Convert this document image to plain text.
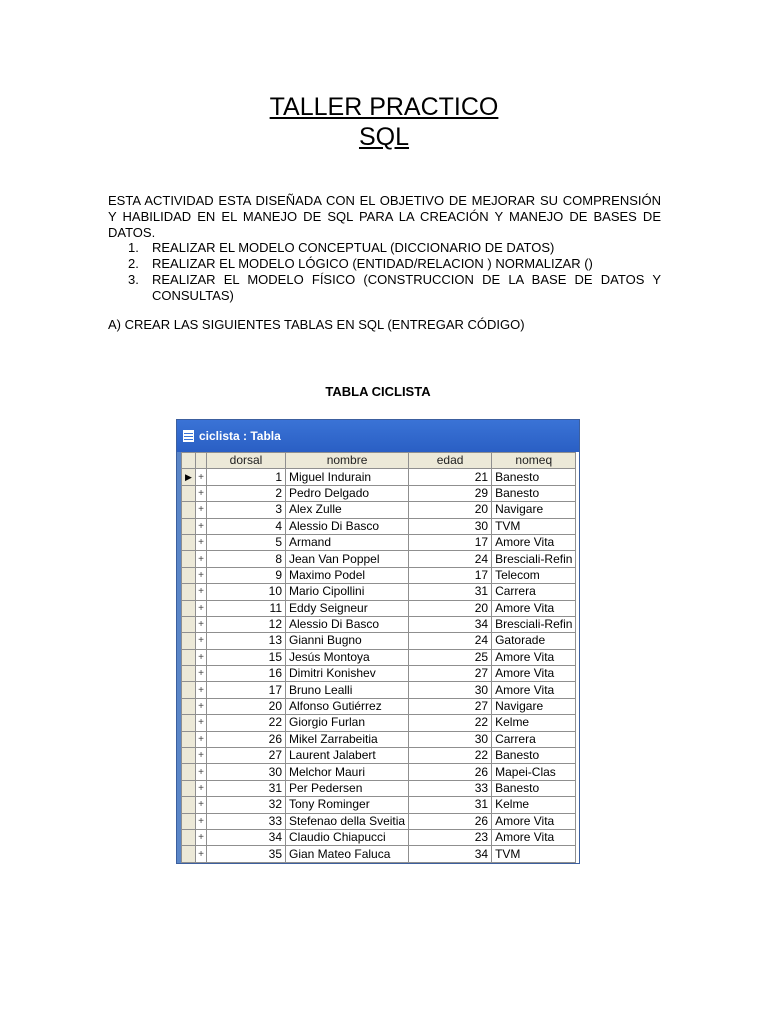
TALLER PRACTICO
SQL
ESTA ACTIVIDAD ESTA DISEÑADA CON EL OBJETIVO DE MEJORAR SU COMPRENSIÓN Y HABILIDAD EN EL MANEJO DE SQL PARA LA CREACIÓN Y MANEJO DE BASES DE DATOS.
1. REALIZAR EL MODELO CONCEPTUAL (DICCIONARIO DE DATOS)
2. REALIZAR EL MODELO LÓGICO (ENTIDAD/RELACION ) NORMALIZAR ()
3. REALIZAR EL MODELO FÍSICO (CONSTRUCCION DE LA BASE DE DATOS Y
CONSULTAS)
A) CREAR LAS SIGUIENTES TABLAS EN SQL (ENTREGAR CÓDIGO)
TABLA CICLISTA
ciclista : Tabla
		dorsal	nombre	edad	nomeq
▶	+	1	Miguel Indurain	21	Banesto
	+	2	Pedro Delgado	29	Banesto
	+	3	Alex Zulle	20	Navigare
	+	4	Alessio Di Basco	30	TVM
	+	5	Armand	17	Amore Vita
	+	8	Jean Van Poppel	24	Bresciali-Refin
	+	9	Maximo Podel	17	Telecom
	+	10	Mario Cipollini	31	Carrera
	+	11	Eddy Seigneur	20	Amore Vita
	+	12	Alessio Di Basco	34	Bresciali-Refin
	+	13	Gianni Bugno	24	Gatorade
	+	15	Jesús Montoya	25	Amore Vita
	+	16	Dimitri Konishev	27	Amore Vita
	+	17	Bruno Lealli	30	Amore Vita
	+	20	Alfonso Gutiérrez	27	Navigare
	+	22	Giorgio Furlan	22	Kelme
	+	26	Mikel Zarrabeitia	30	Carrera
	+	27	Laurent Jalabert	22	Banesto
	+	30	Melchor Mauri	26	Mapei-Clas
	+	31	Per Pedersen	33	Banesto
	+	32	Tony Rominger	31	Kelme
	+	33	Stefenao della Sveitia	26	Amore Vita
	+	34	Claudio Chiapucci	23	Amore Vita
	+	35	Gian Mateo Faluca	34	TVM
